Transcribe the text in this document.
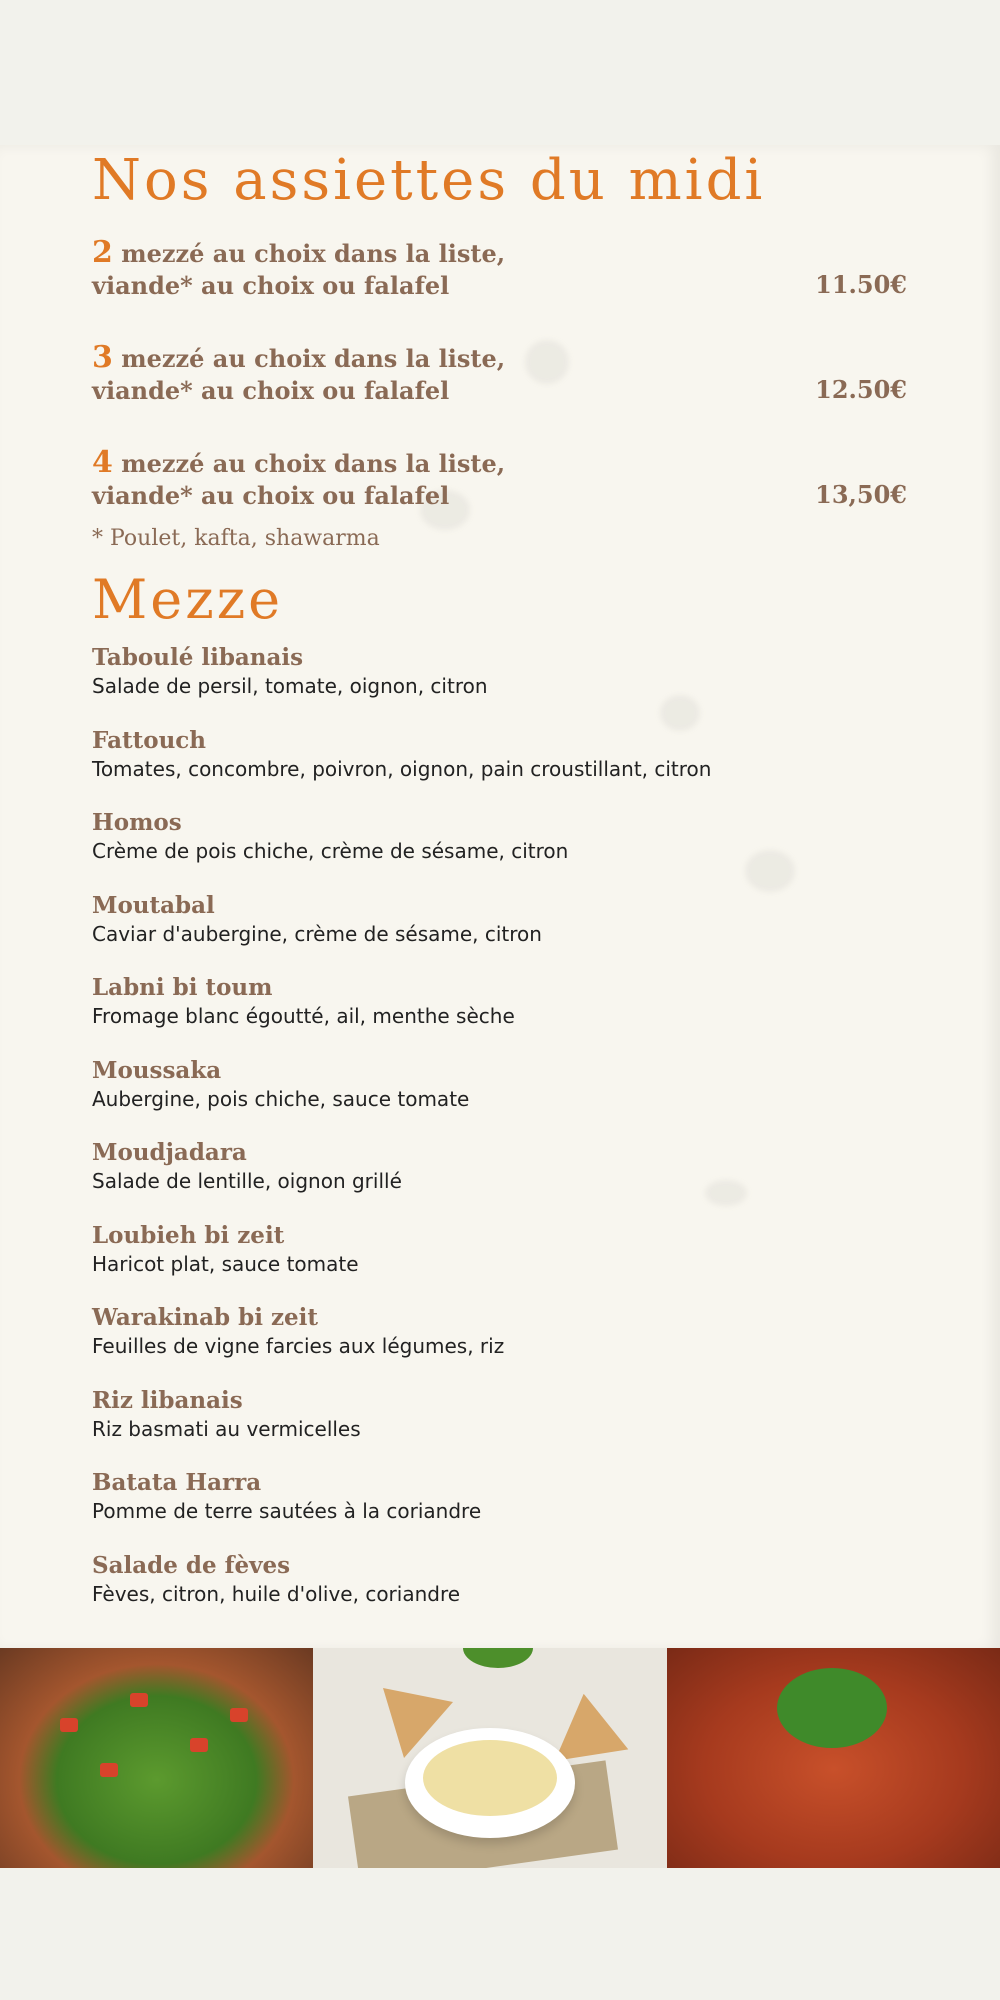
Nos assiettes du midi
2 mezzé au choix dans la liste,
viande* au choix ou falafel	11.50€
3 mezzé au choix dans la liste,
viande* au choix ou falafel	12.50€
4 mezzé au choix dans la liste,
viande* au choix ou falafel	13,50€
* Poulet, kafta, shawarma
Mezze
Taboulé libanais
Salade de persil, tomate, oignon, citron
Fattouch
Tomates, concombre, poivron, oignon, pain croustillant, citron
Homos
Crème de pois chiche, crème de sésame, citron
Moutabal
Caviar d'aubergine, crème de sésame, citron
Labni bi toum
Fromage blanc égoutté, ail, menthe sèche
Moussaka
Aubergine, pois chiche, sauce tomate
Moudjadara
Salade de lentille, oignon grillé
Loubieh bi zeit
Haricot plat, sauce tomate
Warakinab bi zeit
Feuilles de vigne farcies aux légumes, riz
Riz libanais
Riz basmati au vermicelles
Batata Harra
Pomme de terre sautées à la coriandre
Salade de fèves
Fèves, citron, huile d'olive, coriandre
